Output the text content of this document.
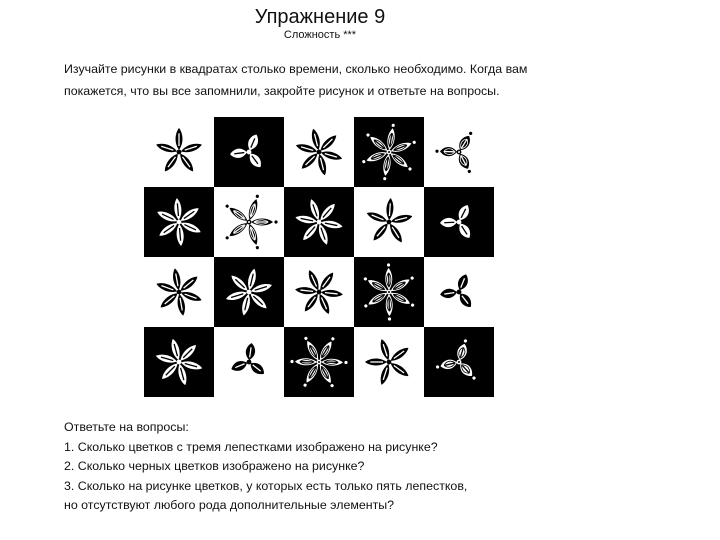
Упражнение 9
Сложность ***
Изучайте рисунки в квадратах столько времени, сколько необходимо. Когда вам
покажется, что вы все запомнили, закройте рисунок и ответьте на вопросы.
Ответьте на вопросы:
1. Сколько цветков с тремя лепестками изображено на рисунке?
2. Сколько черных цветков изображено на рисунке?
3. Сколько на рисунке цветков, у которых есть только пять лепестков,
но отсутствуют любого рода дополнительные элементы?
